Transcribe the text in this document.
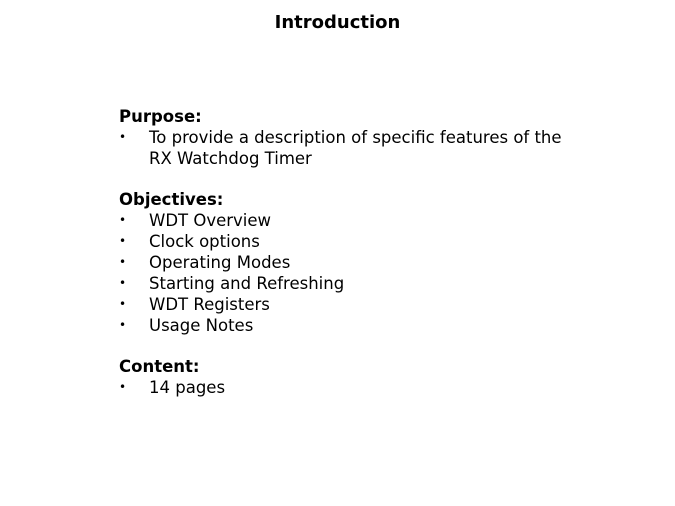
Introduction

Purpose:

• To provide a description of specific features of the RX Watchdog Timer

Objectives:

• WDT Overview
• Clock options
• Operating Modes
• Starting and Refreshing
• WDT Registers
• Usage Notes

Content:

• 14 pages
